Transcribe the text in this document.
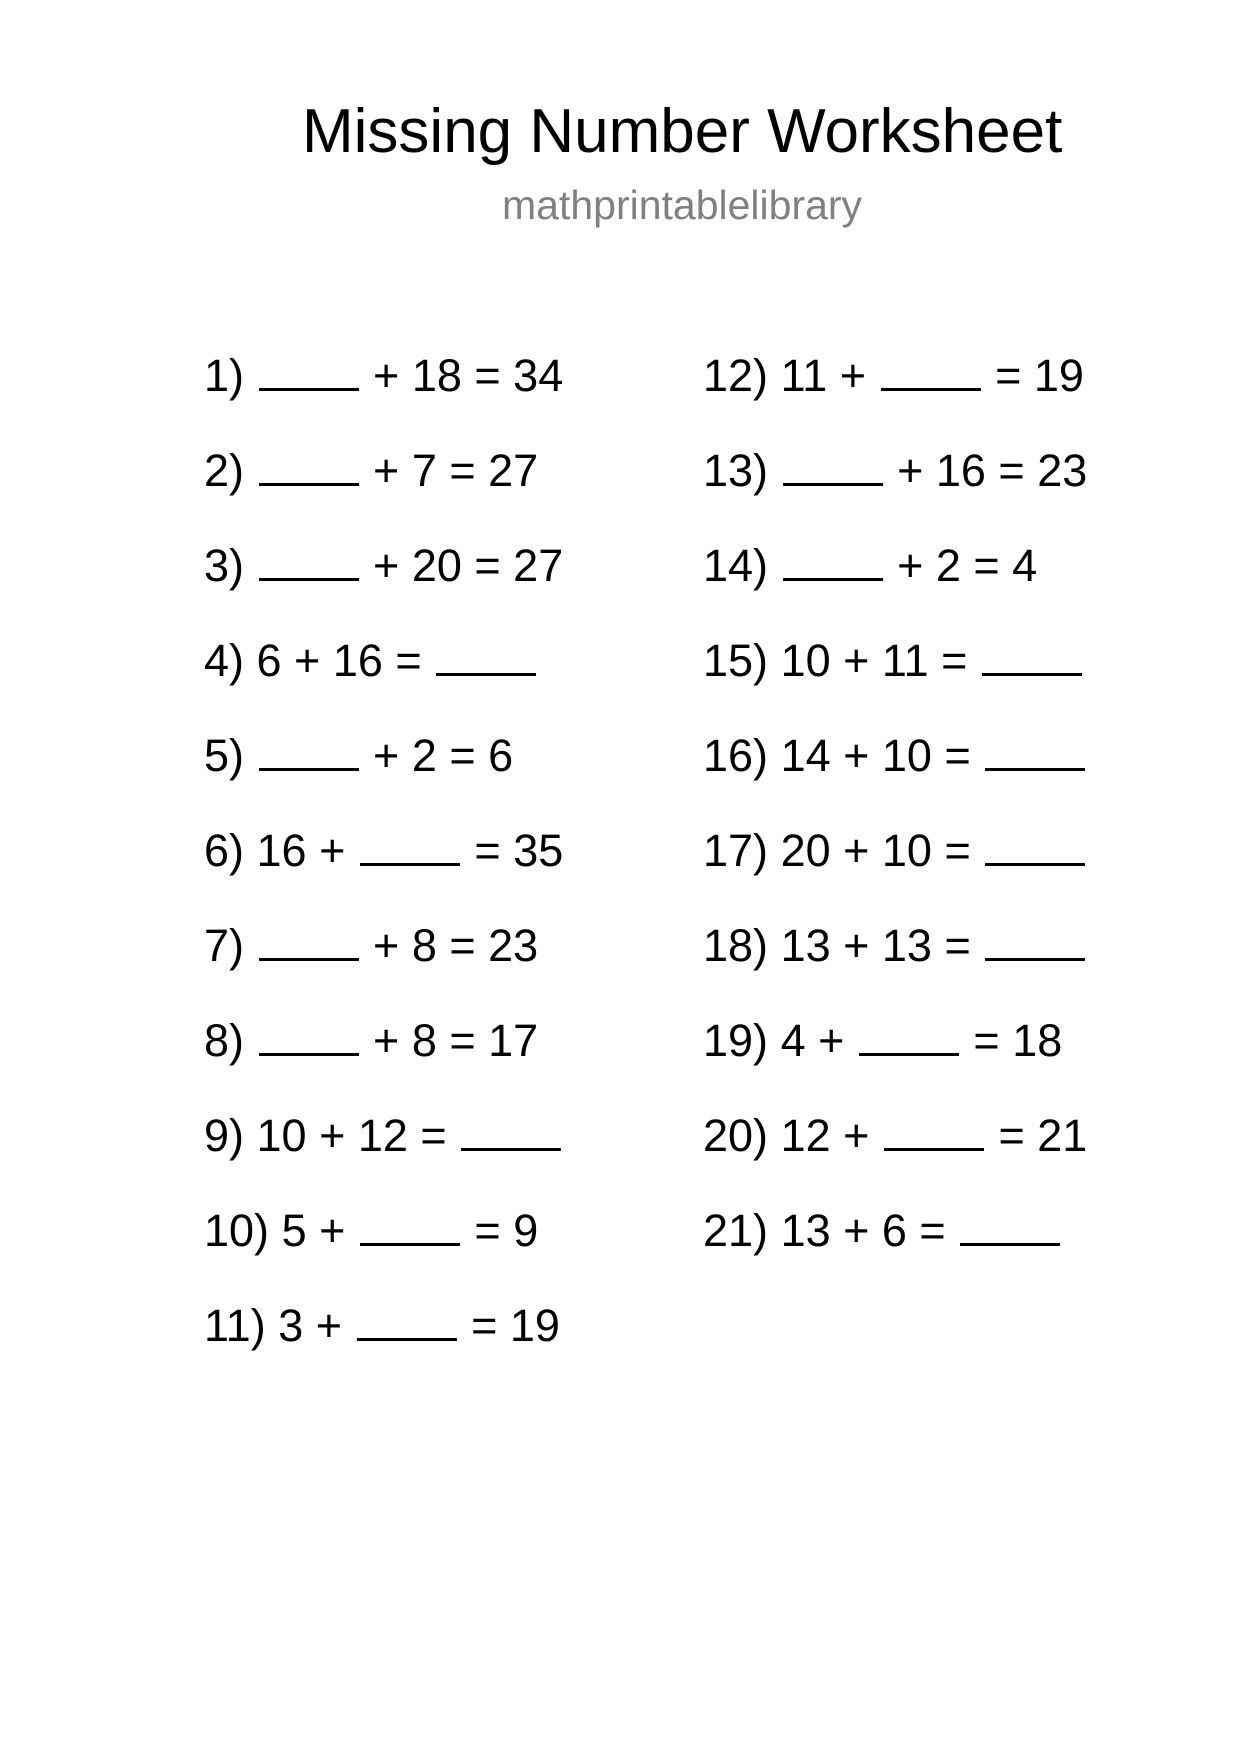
Missing Number Worksheet
mathprintablelibrary
1)	+ 18 = 34
2)	+ 7 = 27
3)	+ 20 = 27
4) 6 + 16 =
5)	+ 2 = 6
6) 16 +	= 35
7)	+ 8 = 23
8)	+ 8 = 17
9) 10 + 12 =
10) 5 +	= 9
11) 3 +	= 19
12) 11 +	= 19
13)	+ 16 = 23
14)	+ 2 = 4
15) 10 + 11 =
16) 14 + 10 =
17) 20 + 10 =
18) 13 + 13 =
19) 4 +	= 18
20) 12 +	= 21
21) 13 + 6 =
